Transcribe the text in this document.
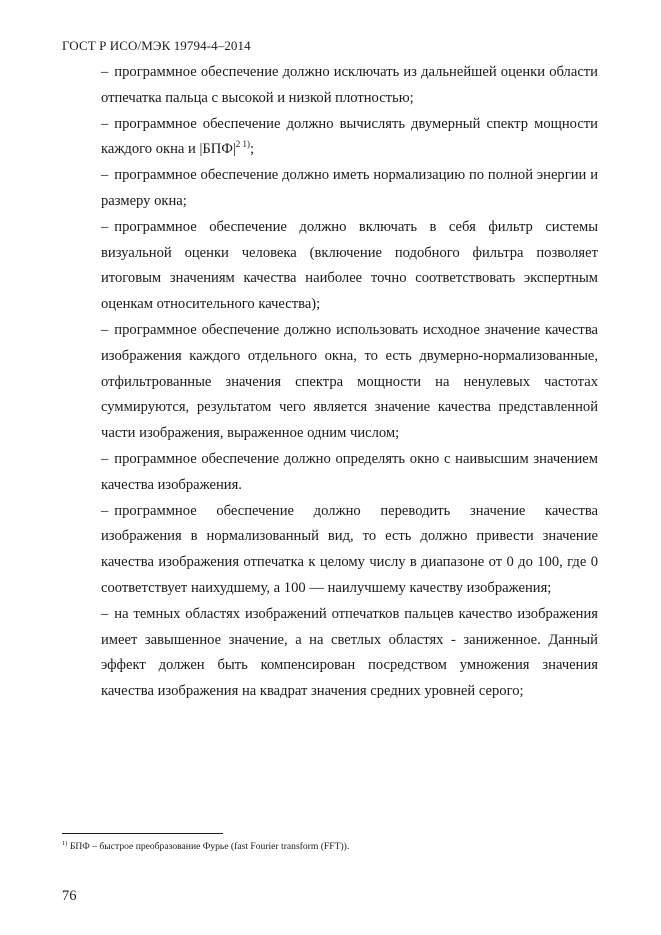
ГОСТ Р ИСО/МЭК 19794-4–2014

– программное обеспечение должно исключать из дальнейшей оценки области отпечатка пальца с высокой и низкой плотностью;

– программное обеспечение должно вычислять двумерный спектр мощности каждого окна и $|БПФ|^{2 1)}$;

– программное обеспечение должно иметь нормализацию по полной энергии и размеру окна;

– программное обеспечение должно включать в себя фильтр системы визуальной оценки человека (включение подобного фильтра позволяет итоговым значениям качества наиболее точно соответствовать экспертным оценкам относительного качества);

– программное обеспечение должно использовать исходное значение качества изображения каждого отдельного окна, то есть двумерно-нормализованные, отфильтрованные значения спектра мощности на ненулевых частотах суммируются, результатом чего является значение качества представленной части изображения, выраженное одним числом;

– программное обеспечение должно определять окно с наивысшим значением качества изображения.

– программное обеспечение должно переводить значение качества изображения в нормализованный вид, то есть должно привести значение качества изображения отпечатка к целому числу в диапазоне от 0 до 100, где 0 соответствует наихудшему, а 100 — наилучшему качеству изображения;

– на темных областях изображений отпечатков пальцев качество изображения имеет завышенное значение, а на светлых областях - заниженное. Данный эффект должен быть компенсирован посредством умножения значения качества изображения на квадрат значения средних уровней серого;

$^{1)}$ БПФ – быстрое преобразование Фурье (fast Fourier transform (FFT)).
76
